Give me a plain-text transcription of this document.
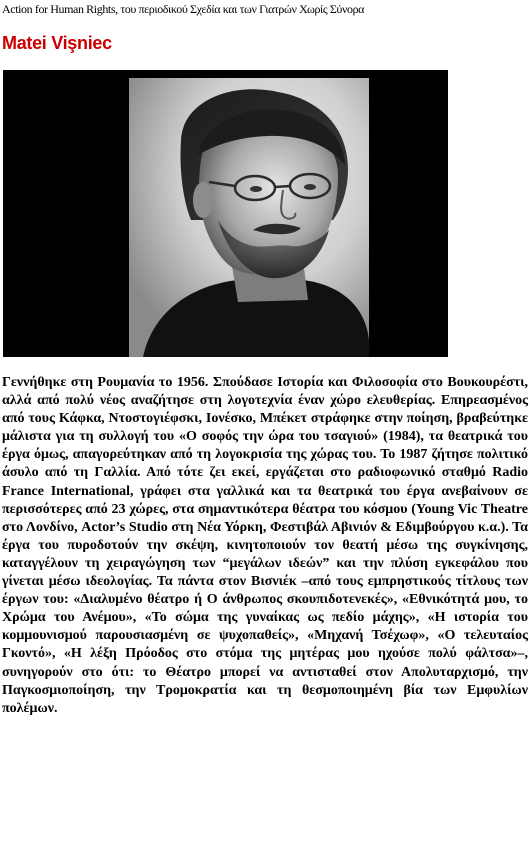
Action for Human Rights, του περιοδικού Σχεδία και των Γιατρών Χωρίς Σύνορα
Matei Vişniec

Γεννήθηκε στη Ρουμανία το 1956. Σπούδασε Ιστορία και Φιλοσοφία στο Βουκουρέστι, αλλά από πολύ νέος αναζήτησε στη λογοτεχνία έναν χώρο ελευθερίας. Επηρεασμένος από τους Κάφκα, Ντοστογιέφσκι, Ιονέσκο, Μπέκετ στράφηκε στην ποίηση, βραβεύτηκε μάλιστα για τη συλλογή του «Ο σοφός την ώρα του τσαγιού» (1984), τα θεατρικά του έργα όμως, απαγορεύτηκαν από τη λογοκρισία της χώρας του. Το 1987 ζήτησε πολιτικό άσυλο από τη Γαλλία. Από τότε ζει εκεί, εργάζεται στο ραδιοφωνικό σταθμό Radio France International, γράφει στα γαλλικά και τα θεατρικά του έργα ανεβαίνουν σε περισσότερες από 23 χώρες, στα σημαντικότερα θέατρα του κόσμου (Young Vic Theatre στο Λονδίνο, Actor’s Studio στη Νέα Υόρκη, Φεστιβάλ Αβινιόν & Εδιμβούργου κ.α.). Τα έργα του πυροδοτούν την σκέψη, κινητοποιούν τον θεατή μέσω της συγκίνησης, καταγγέλουν τη χειραγώγηση των “μεγάλων ιδεών” και την πλύση εγκεφάλου που γίνεται μέσω ιδεολογίας. Τα πάντα στον Βισνιέκ –από τους εμπρηστικούς τίτλους των έργων του: «Διαλυμένο θέατρο ή Ο άνθρωπος σκουπιδοτενεκές», «Εθνικότητά μου, το Χρώμα του Ανέμου», «Το σώμα της γυναίκας ως πεδίο μάχης», «Η ιστορία του κομμουνισμού παρουσιασμένη σε ψυχοπαθείς», «Μηχανή Τσέχωφ», «Ο τελευταίος Γκοντό», «Η λέξη Πρόοδος στο στόμα της μητέρας μου ηχούσε πολύ φάλτσα»–, συνηγορούν στο ότι: το Θέατρο μπορεί να αντισταθεί στον Απολυταρχισμό, την Παγκοσμιοποίηση, την Τρομοκρατία και τη θεσμοποιημένη βία των Εμφυλίων πολέμων.
